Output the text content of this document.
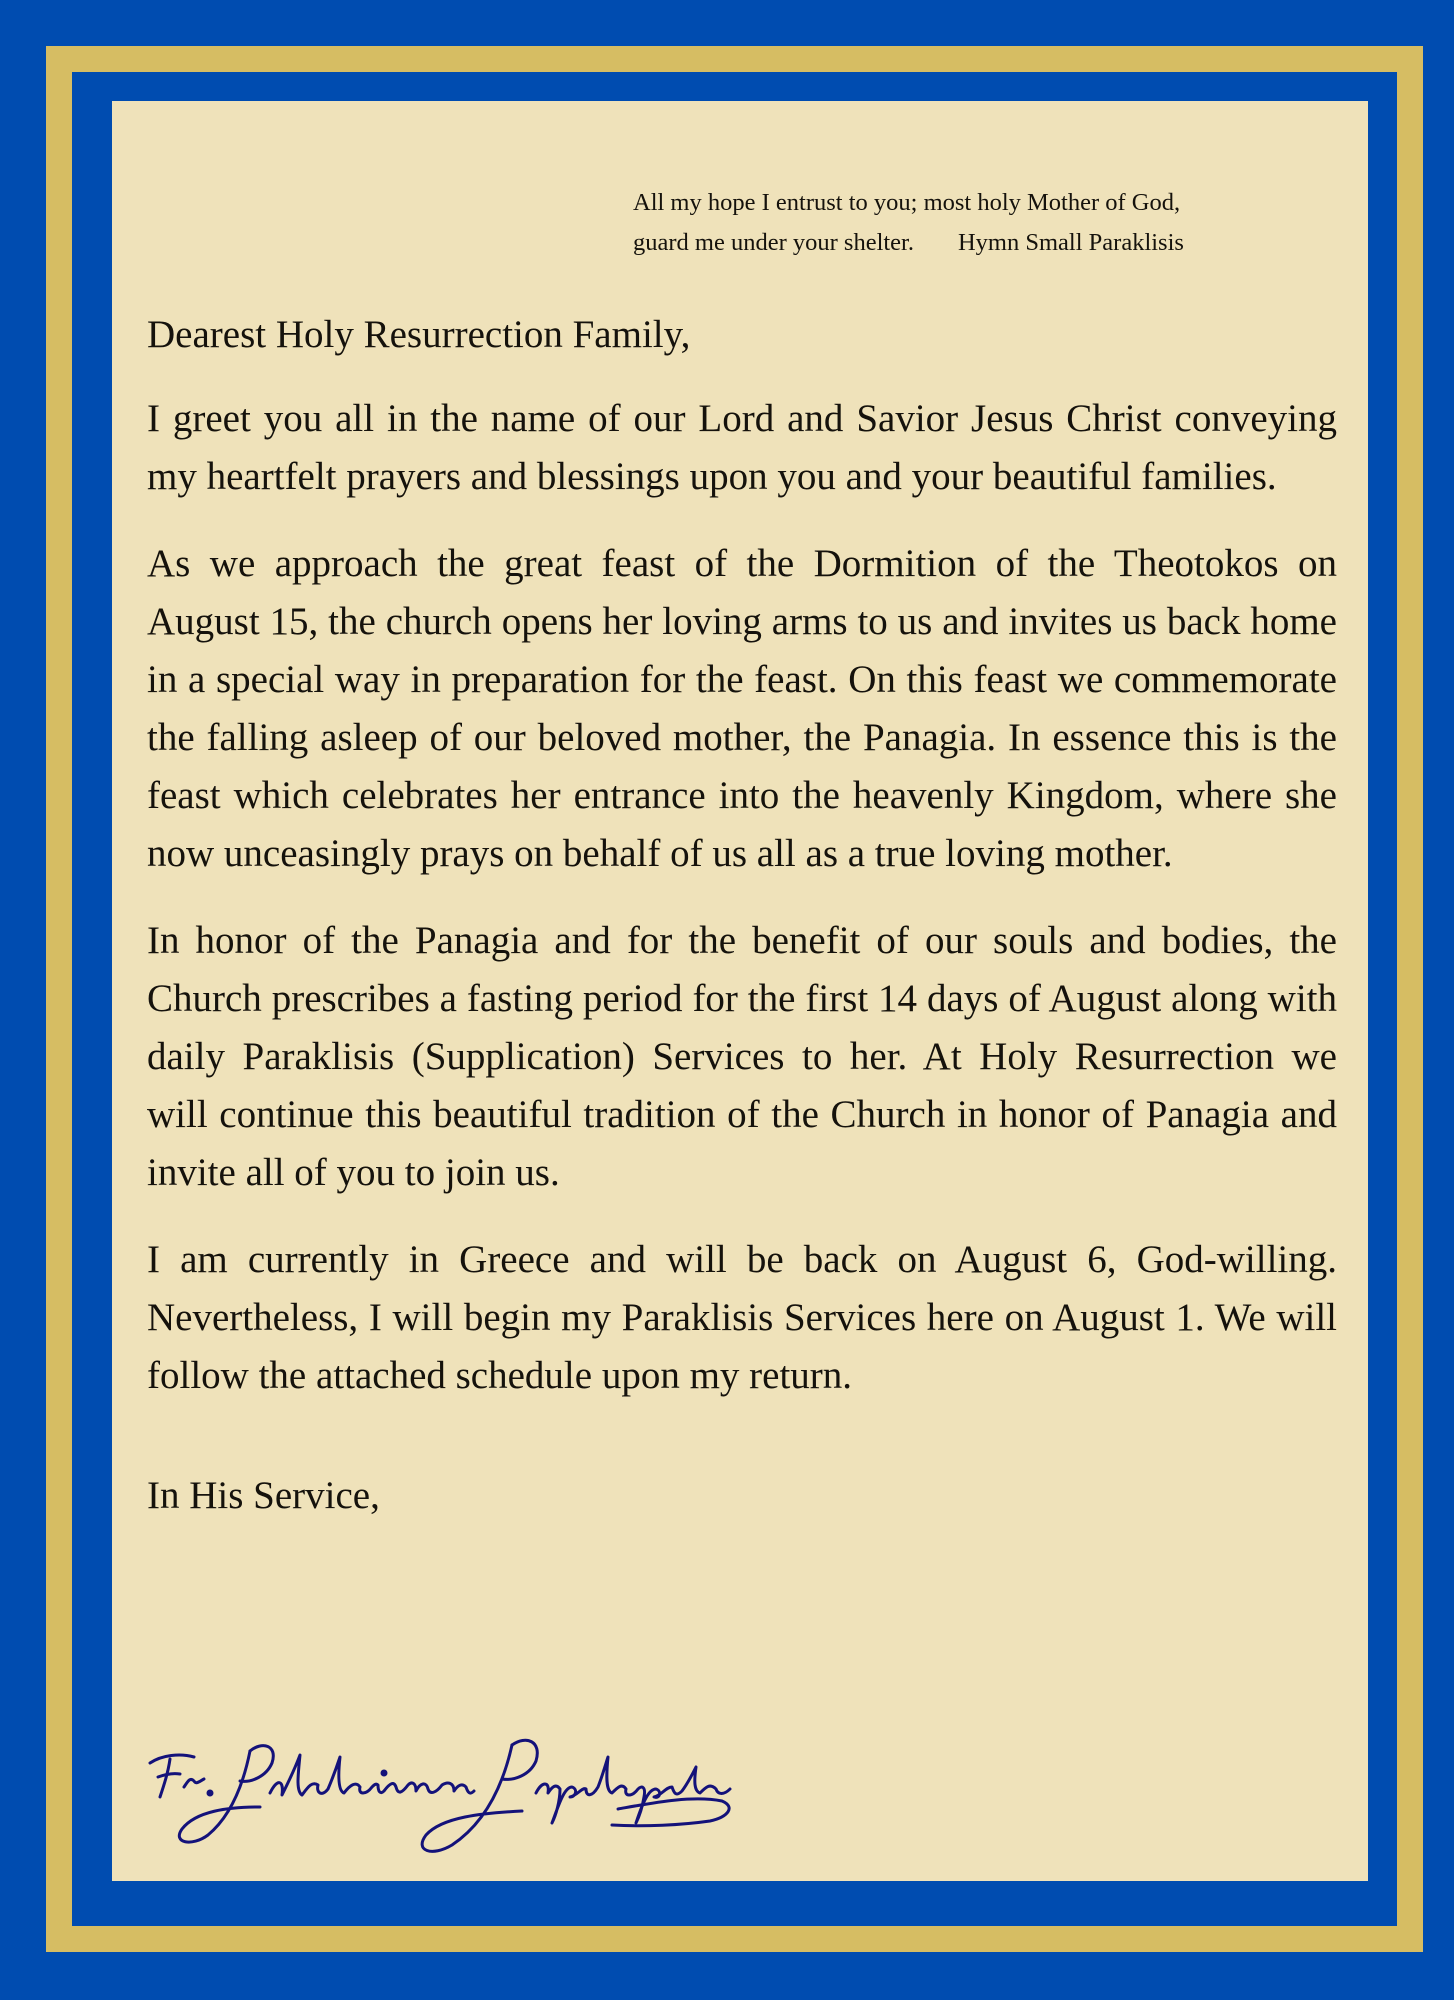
All my hope I entrust to you; most holy Mother of God,
guard me under your shelter. Hymn Small Paraklisis

Dearest Holy Resurrection Family,

I greet you all in the name of our Lord and Savior Jesus Christ conveying my heartfelt prayers and blessings upon you and your beautiful families.

As we approach the great feast of the Dormition of the Theotokos on August 15, the church opens her loving arms to us and invites us back home in a special way in preparation for the feast. On this feast we commemorate the falling asleep of our beloved mother, the Panagia. In essence this is the feast which celebrates her entrance into the heavenly Kingdom, where she now unceasingly prays on behalf of us all as a true loving mother.

In honor of the Panagia and for the benefit of our souls and bodies, the Church prescribes a fasting period for the first 14 days of August along with daily Paraklisis (Supplication) Services to her. At Holy Resurrection we will continue this beautiful tradition of the Church in honor of Panagia and invite all of you to join us.

I am currently in Greece and will be back on August 6, God-willing. Nevertheless, I will begin my Paraklisis Services here on August 1. We will follow the attached schedule upon my return.

In His Service,
